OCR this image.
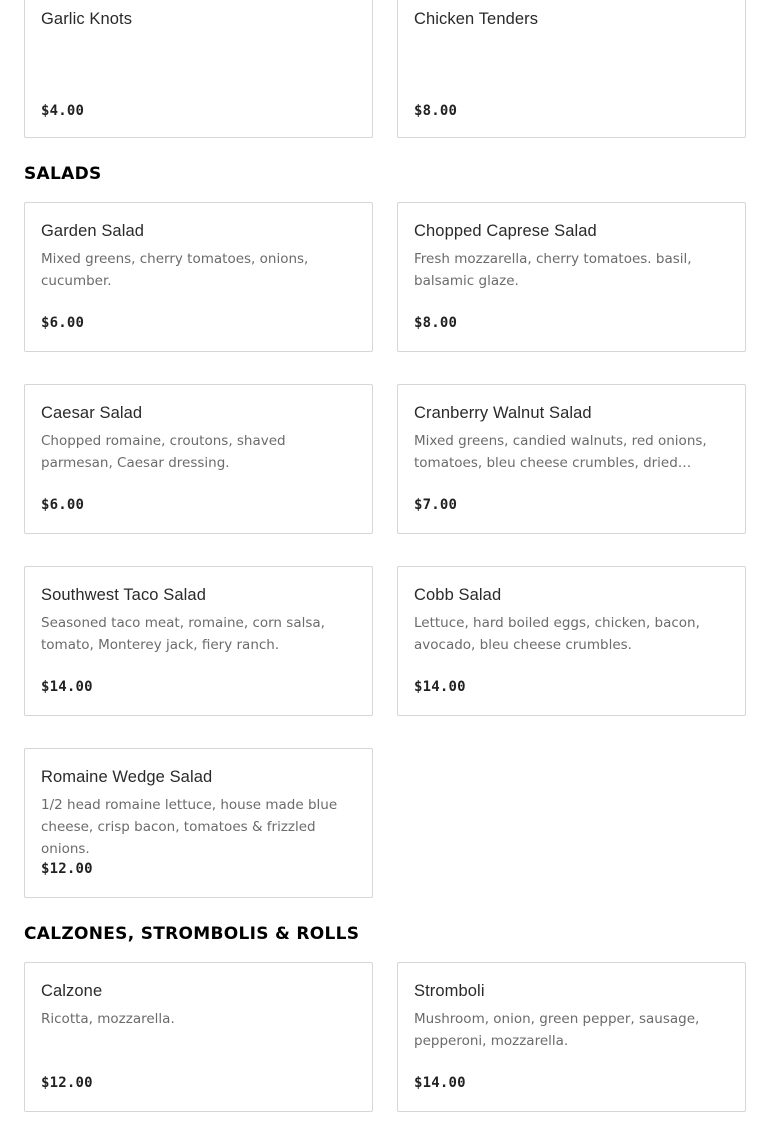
Garlic Knots
$4.00
Chicken Tenders
$8.00
SALADS
Garden Salad
Mixed greens, cherry tomatoes, onions, cucumber.
$6.00
Chopped Caprese Salad
Fresh mozzarella, cherry tomatoes. basil, balsamic glaze.
$8.00
Caesar Salad
Chopped romaine, croutons, shaved parmesan, Caesar dressing.
$6.00
Cranberry Walnut Salad
Mixed greens, candied walnuts, red onions, tomatoes, bleu cheese crumbles, dried…
$7.00
Southwest Taco Salad
Seasoned taco meat, romaine, corn salsa, tomato, Monterey jack, fiery ranch.
$14.00
Cobb Salad
Lettuce, hard boiled eggs, chicken, bacon, avocado, bleu cheese crumbles.
$14.00
Romaine Wedge Salad
1/2 head romaine lettuce, house made blue cheese, crisp bacon, tomatoes & frizzled onions.
$12.00
CALZONES, STROMBOLIS & ROLLS
Calzone
Ricotta, mozzarella.
$12.00
Stromboli
Mushroom, onion, green pepper, sausage, pepperoni, mozzarella.
$14.00
